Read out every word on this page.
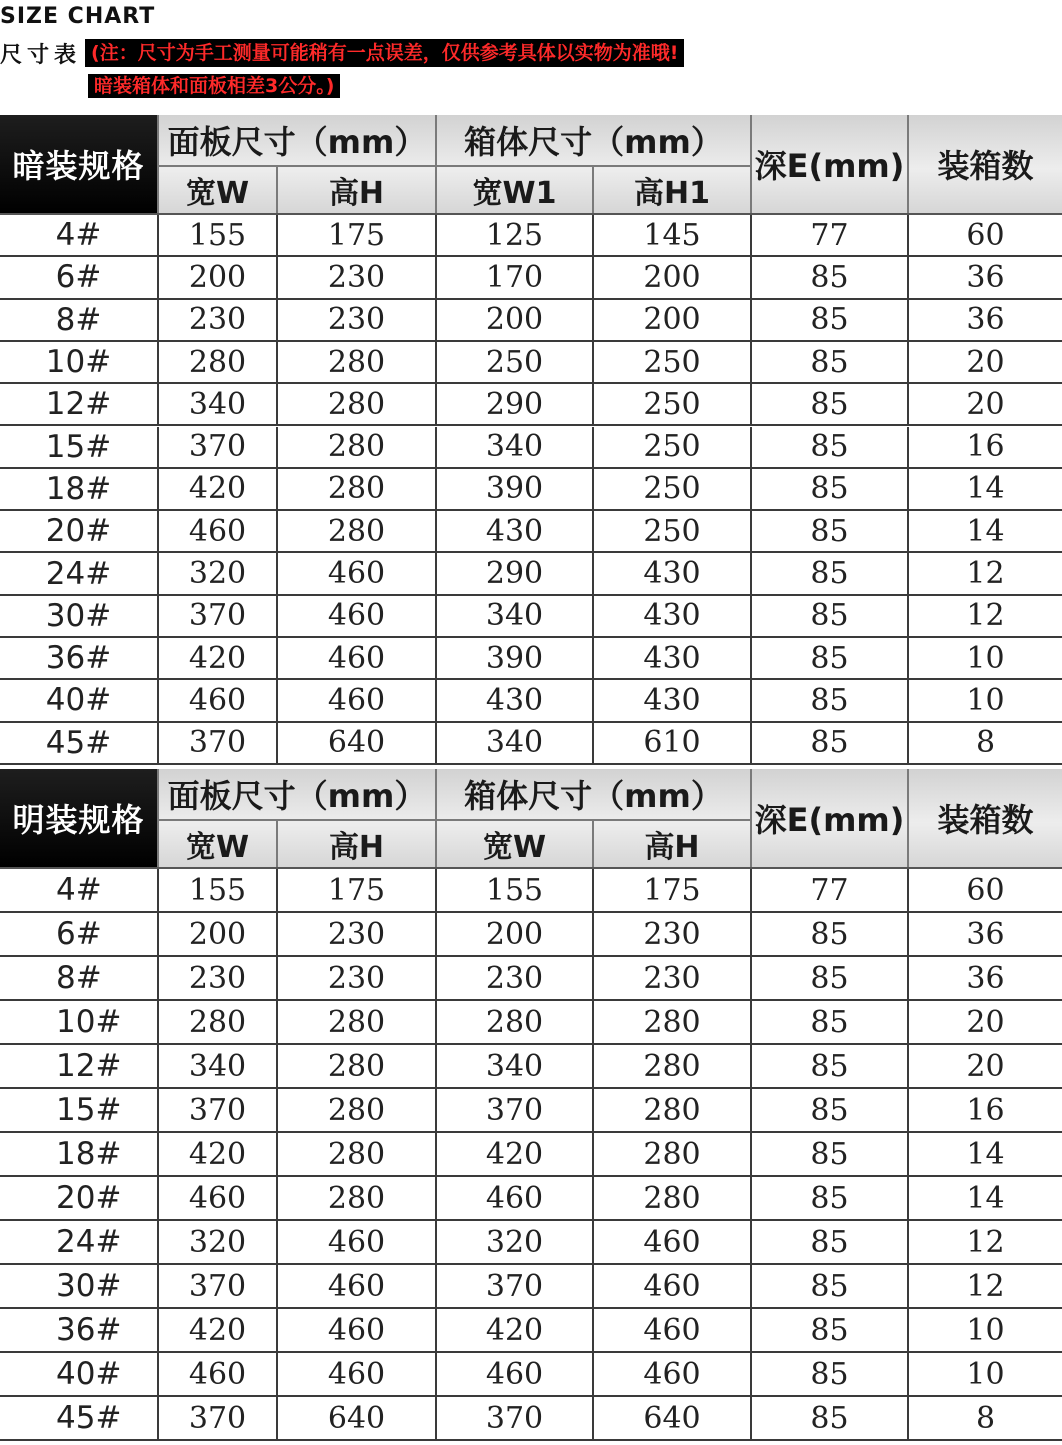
SIZE CHART
尺寸表 (注：尺寸为手工测量可能稍有一点误差，仅供参考具体以实物为准哦!
暗装箱体和面板相差3公分。)
暗装规格
面板尺寸（mm）	箱体尺寸（mm）
宽W	高H	宽W1	高H1
深E(mm)	装箱数
4#	155	175	125	145	77	60
6#	200	230	170	200	85	36
8#	230	230	200	200	85	36
10#	280	280	250	250	85	20
12#	340	280	290	250	85	20
15#	370	280	340	250	85	16
18#	420	280	390	250	85	14
20#	460	280	430	250	85	14
24#	320	460	290	430	85	12
30#	370	460	340	430	85	12
36#	420	460	390	430	85	10
40#	460	460	430	430	85	10
45#	370	640	340	610	85	8
明装规格
面板尺寸（mm）	箱体尺寸（mm）
宽W	高H	宽W	高H
深E(mm)	装箱数
4#	155	175	155	175	77	60
6#	200	230	200	230	85	36
8#	230	230	230	230	85	36
10#	280	280	280	280	85	20
12#	340	280	340	280	85	20
15#	370	280	370	280	85	16
18#	420	280	420	280	85	14
20#	460	280	460	280	85	14
24#	320	460	320	460	85	12
30#	370	460	370	460	85	12
36#	420	460	420	460	85	10
40#	460	460	460	460	85	10
45#	370	640	370	640	85	8
